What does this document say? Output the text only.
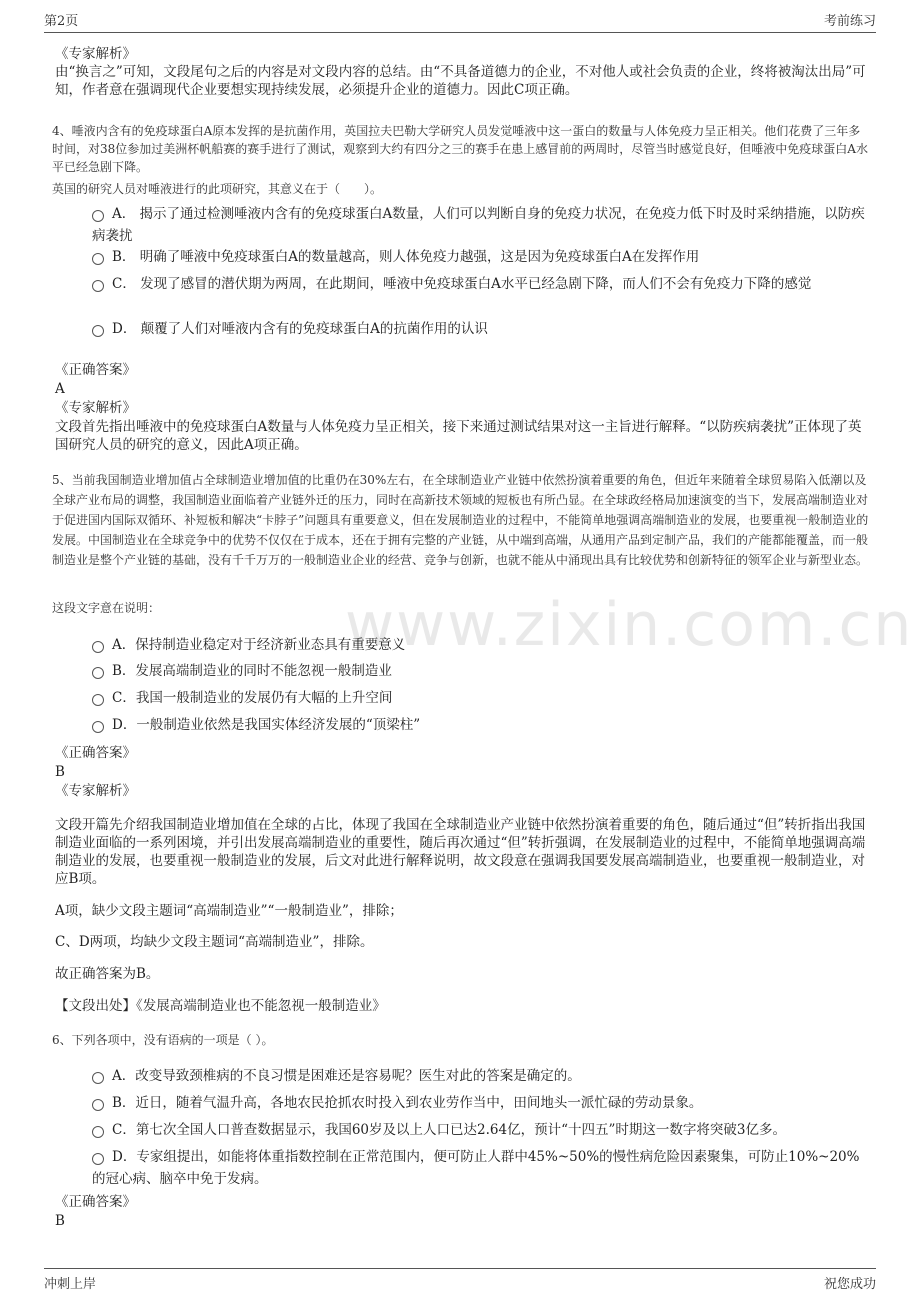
第2页	考前练习
www.zixin.com.cn
《专家解析》
由“换言之”可知，文段尾句之后的内容是对文段内容的总结。由“不具备道德力的企业，不对他人或社会负责的企业，终将被淘汰出局”可知，作者意在强调现代企业要想实现持续发展，必须提升企业的道德力。因此C项正确。
4、唾液内含有的免疫球蛋白A原本发挥的是抗菌作用，英国拉夫巴勒大学研究人员发觉唾液中这一蛋白的数量与人体免疫力呈正相关。他们花费了三年多时间，对38位参加过美洲杯帆船赛的赛手进行了测试，观察到大约有四分之三的赛手在患上感冒前的两周时，尽管当时感觉良好，但唾液中免疫球蛋白A水平已经急剧下降。
英国的研究人员对唾液进行的此项研究，其意义在于（　　）。
A． 揭示了通过检测唾液内含有的免疫球蛋白A数量，人们可以判断自身的免疫力状况，在免疫力低下时及时采纳措施，以防疾病袭扰
B． 明确了唾液中免疫球蛋白A的数量越高，则人体免疫力越强，这是因为免疫球蛋白A在发挥作用
C． 发现了感冒的潜伏期为两周，在此期间，唾液中免疫球蛋白A水平已经急剧下降，而人们不会有免疫力下降的感觉
D． 颠覆了人们对唾液内含有的免疫球蛋白A的抗菌作用的认识
《正确答案》
A
《专家解析》
文段首先指出唾液中的免疫球蛋白A数量与人体免疫力呈正相关，接下来通过测试结果对这一主旨进行解释。“以防疾病袭扰”正体现了英国研究人员的研究的意义，因此A项正确。
5、当前我国制造业增加值占全球制造业增加值的比重仍在30%左右，在全球制造业产业链中依然扮演着重要的角色，但近年来随着全球贸易陷入低潮以及全球产业布局的调整，我国制造业面临着产业链外迁的压力，同时在高新技术领域的短板也有所凸显。在全球政经格局加速演变的当下，发展高端制造业对于促进国内国际双循环、补短板和解决“卡脖子”问题具有重要意义，但在发展制造业的过程中，不能简单地强调高端制造业的发展，也要重视一般制造业的发展。中国制造业在全球竞争中的优势不仅仅在于成本，还在于拥有完整的产业链，从中端到高端，从通用产品到定制产品，我们的产能都能覆盖，而一般制造业是整个产业链的基础，没有千千万万的一般制造业企业的经营、竞争与创新，也就不能从中涌现出具有比较优势和创新特征的领军企业与新型业态。
这段文字意在说明：
A．保持制造业稳定对于经济新业态具有重要意义
B．发展高端制造业的同时不能忽视一般制造业
C．我国一般制造业的发展仍有大幅的上升空间
D．一般制造业依然是我国实体经济发展的“顶梁柱”
《正确答案》
B
《专家解析》
文段开篇先介绍我国制造业增加值在全球的占比，体现了我国在全球制造业产业链中依然扮演着重要的角色，随后通过“但”转折指出我国制造业面临的一系列困境，并引出发展高端制造业的重要性，随后再次通过“但”转折强调，在发展制造业的过程中，不能简单地强调高端制造业的发展，也要重视一般制造业的发展，后文对此进行解释说明，故文段意在强调我国要发展高端制造业，也要重视一般制造业，对应B项。
A项，缺少文段主题词“高端制造业”“一般制造业”，排除；
C、D两项，均缺少文段主题词“高端制造业”，排除。
故正确答案为B。
【文段出处】《发展高端制造业也不能忽视一般制造业》
6、下列各项中，没有语病的一项是（ ）。
A．改变导致颈椎病的不良习惯是困难还是容易呢？医生对此的答案是确定的。
B．近日，随着气温升高，各地农民抢抓农时投入到农业劳作当中，田间地头一派忙碌的劳动景象。
C．第七次全国人口普查数据显示，我国60岁及以上人口已达2.64亿，预计“十四五”时期这一数字将突破3亿多。
D．专家组提出，如能将体重指数控制在正常范围内，便可防止人群中45%~50%的慢性病危险因素聚集，可防止10%~20%的冠心病、脑卒中免于发病。
《正确答案》
B
冲刺上岸	祝您成功
